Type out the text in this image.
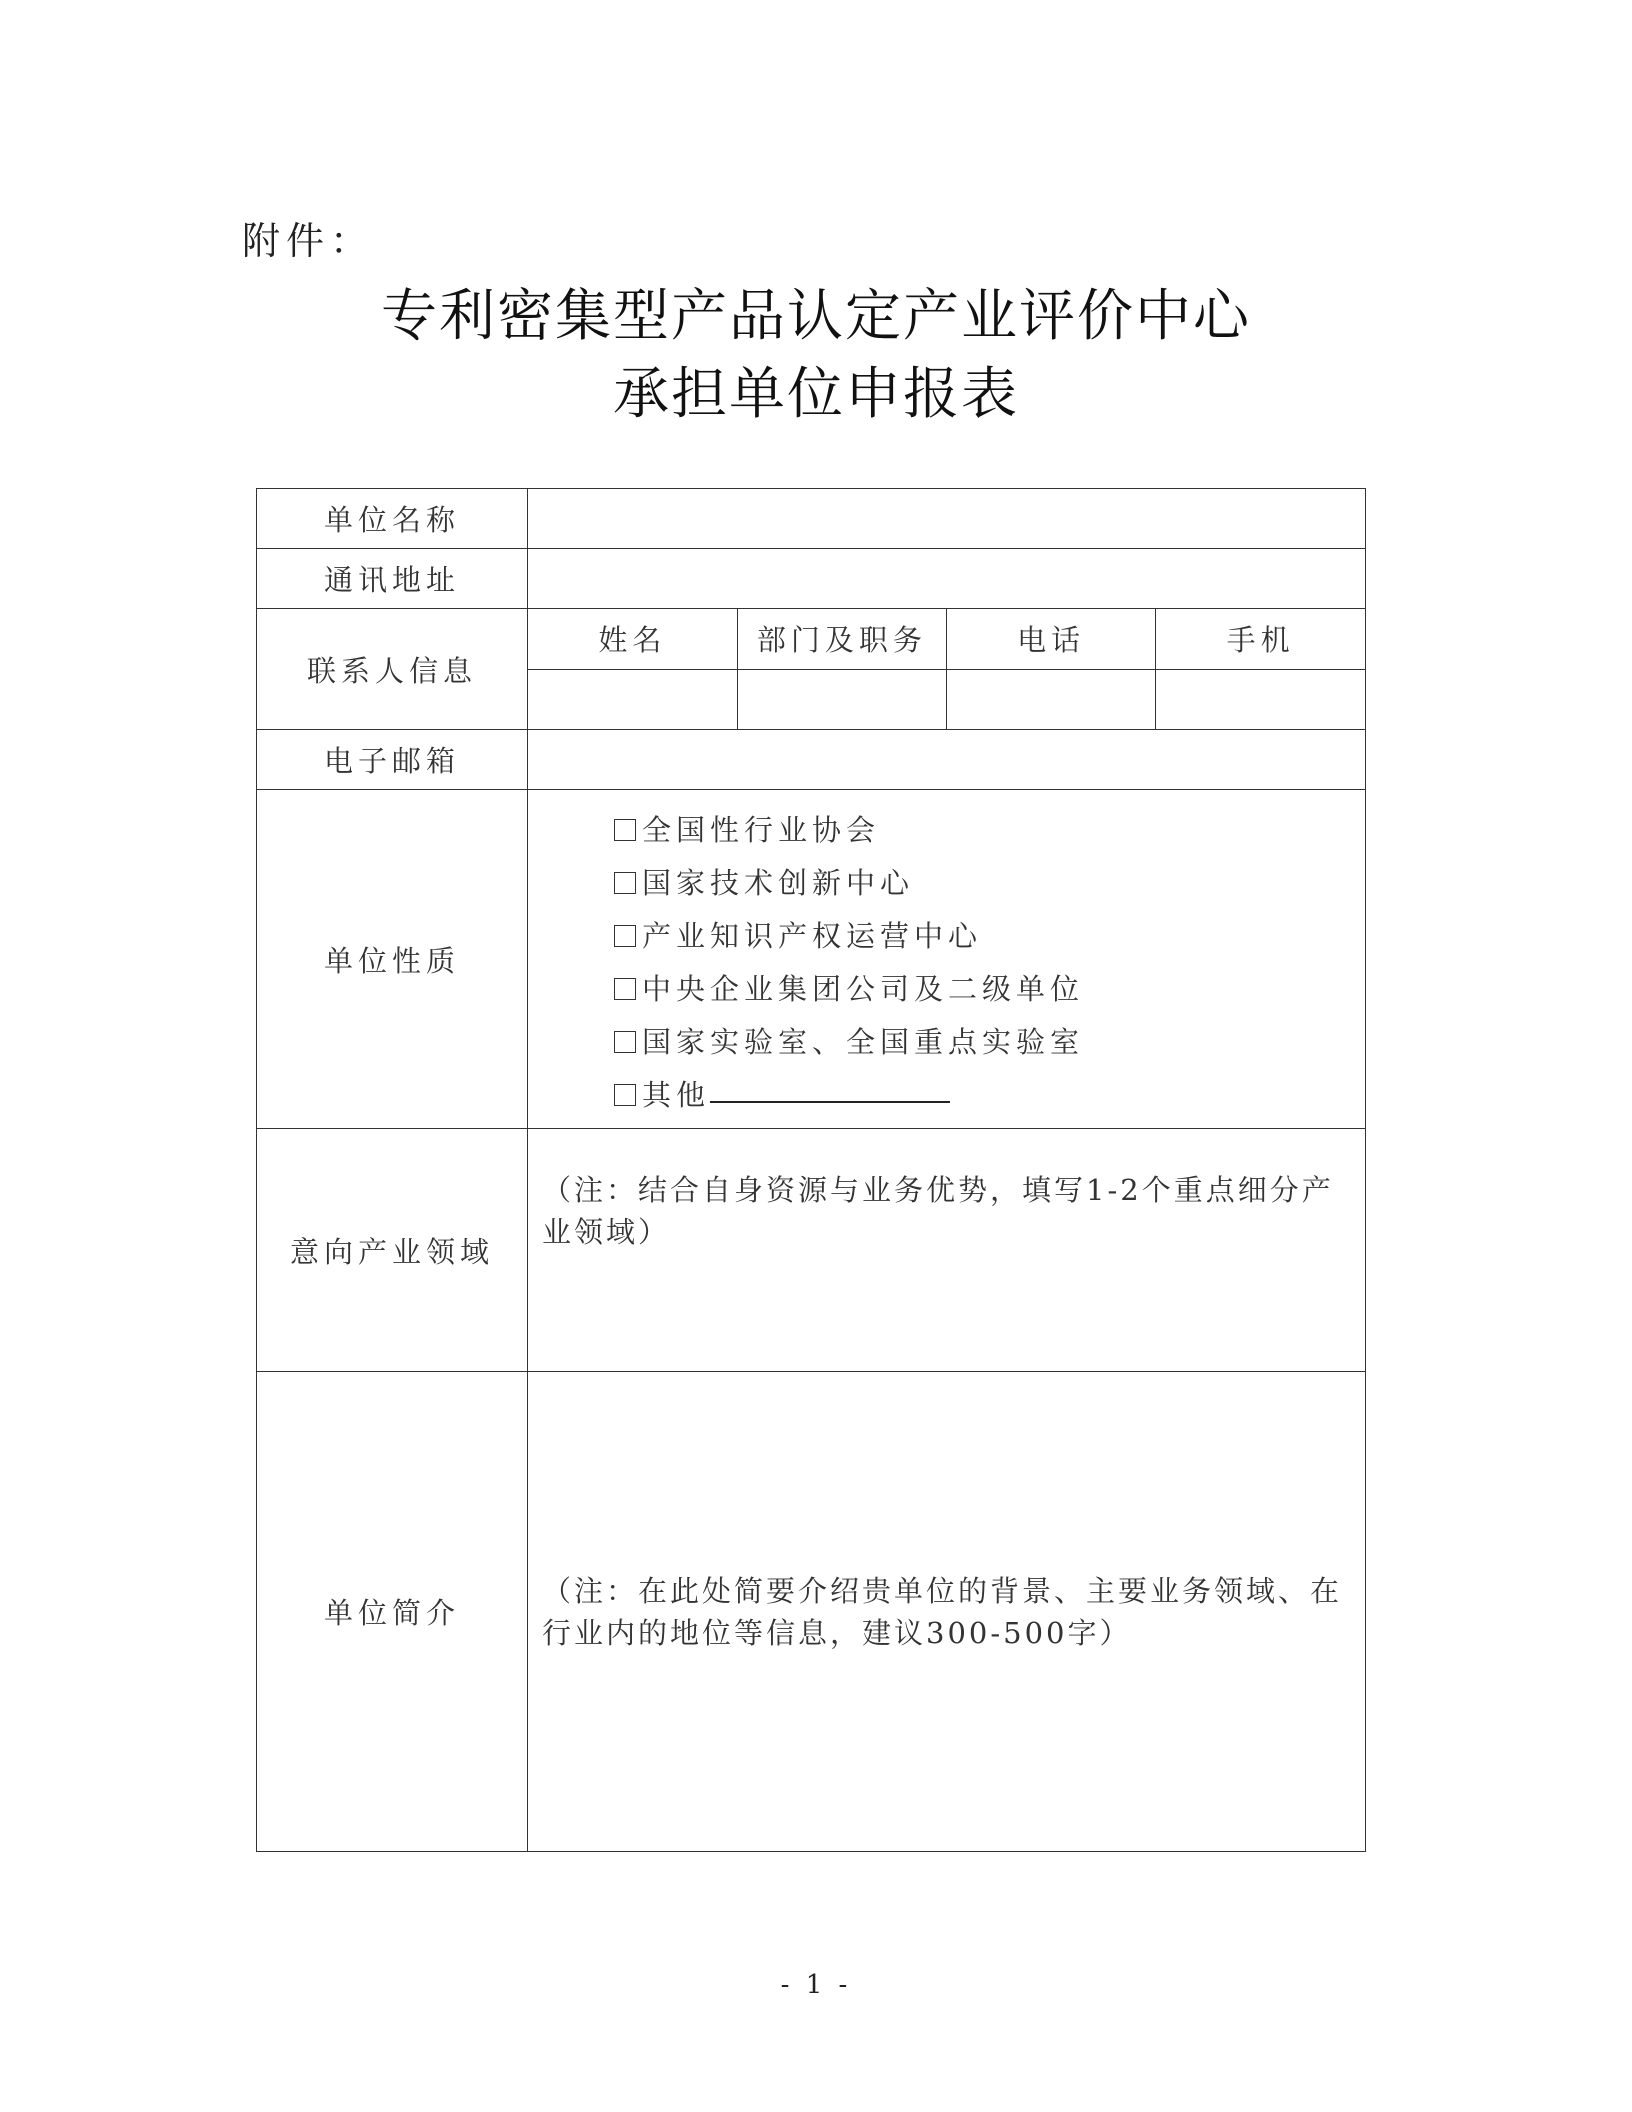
附件：
专利密集型产品认定产业评价中心
承担单位申报表
单位名称	
通讯地址	
联系人信息	
姓名	部门及职务	电话	手机

电子邮箱	
单位性质	
全国性行业协会
国家技术创新中心
产业知识产权运营中心
中央企业集团公司及二级单位
国家实验室、全国重点实验室
其他

意向产业领域	（注：结合自身资源与业务优势，填写1-2个重点细分产业领域）
单位简介	（注：在此处简要介绍贵单位的背景、主要业务领域、在行业内的地位等信息，建议300-500字）
- 1 -
